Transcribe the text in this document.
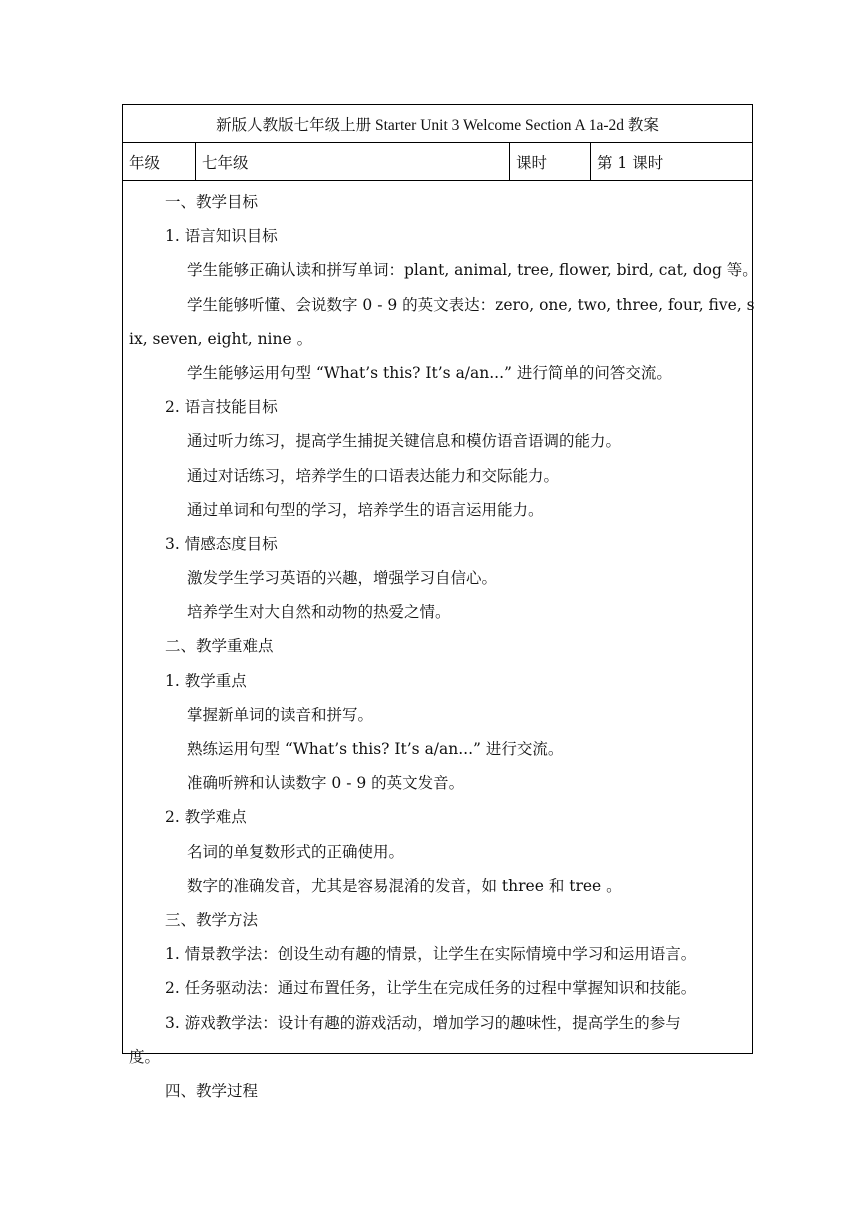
新版人教版七年级上册 Starter Unit 3 Welcome Section A 1a-2d 教案
年级	七年级	课时	第 1 课时
一、教学目标
1. 语言知识目标
学生能够正确认读和拼写单词：plant, animal, tree, flower, bird, cat, dog 等。
学生能够听懂、会说数字 0 - 9 的英文表达：zero, one, two, three, four, five, s
ix, seven, eight, nine 。
学生能够运用句型 “What’s this? It’s a/an...” 进行简单的问答交流。
2. 语言技能目标
通过听力练习，提高学生捕捉关键信息和模仿语音语调的能力。
通过对话练习，培养学生的口语表达能力和交际能力。
通过单词和句型的学习，培养学生的语言运用能力。
3. 情感态度目标
激发学生学习英语的兴趣，增强学习自信心。
培养学生对大自然和动物的热爱之情。
二、教学重难点
1. 教学重点
掌握新单词的读音和拼写。
熟练运用句型 “What’s this? It’s a/an...” 进行交流。
准确听辨和认读数字 0 - 9 的英文发音。
2. 教学难点
名词的单复数形式的正确使用。
数字的准确发音，尤其是容易混淆的发音，如 three 和 tree 。
三、教学方法
1. 情景教学法：创设生动有趣的情景，让学生在实际情境中学习和运用语言。
2. 任务驱动法：通过布置任务，让学生在完成任务的过程中掌握知识和技能。
3. 游戏教学法：设计有趣的游戏活动，增加学习的趣味性，提高学生的参与
度。
四、教学过程
